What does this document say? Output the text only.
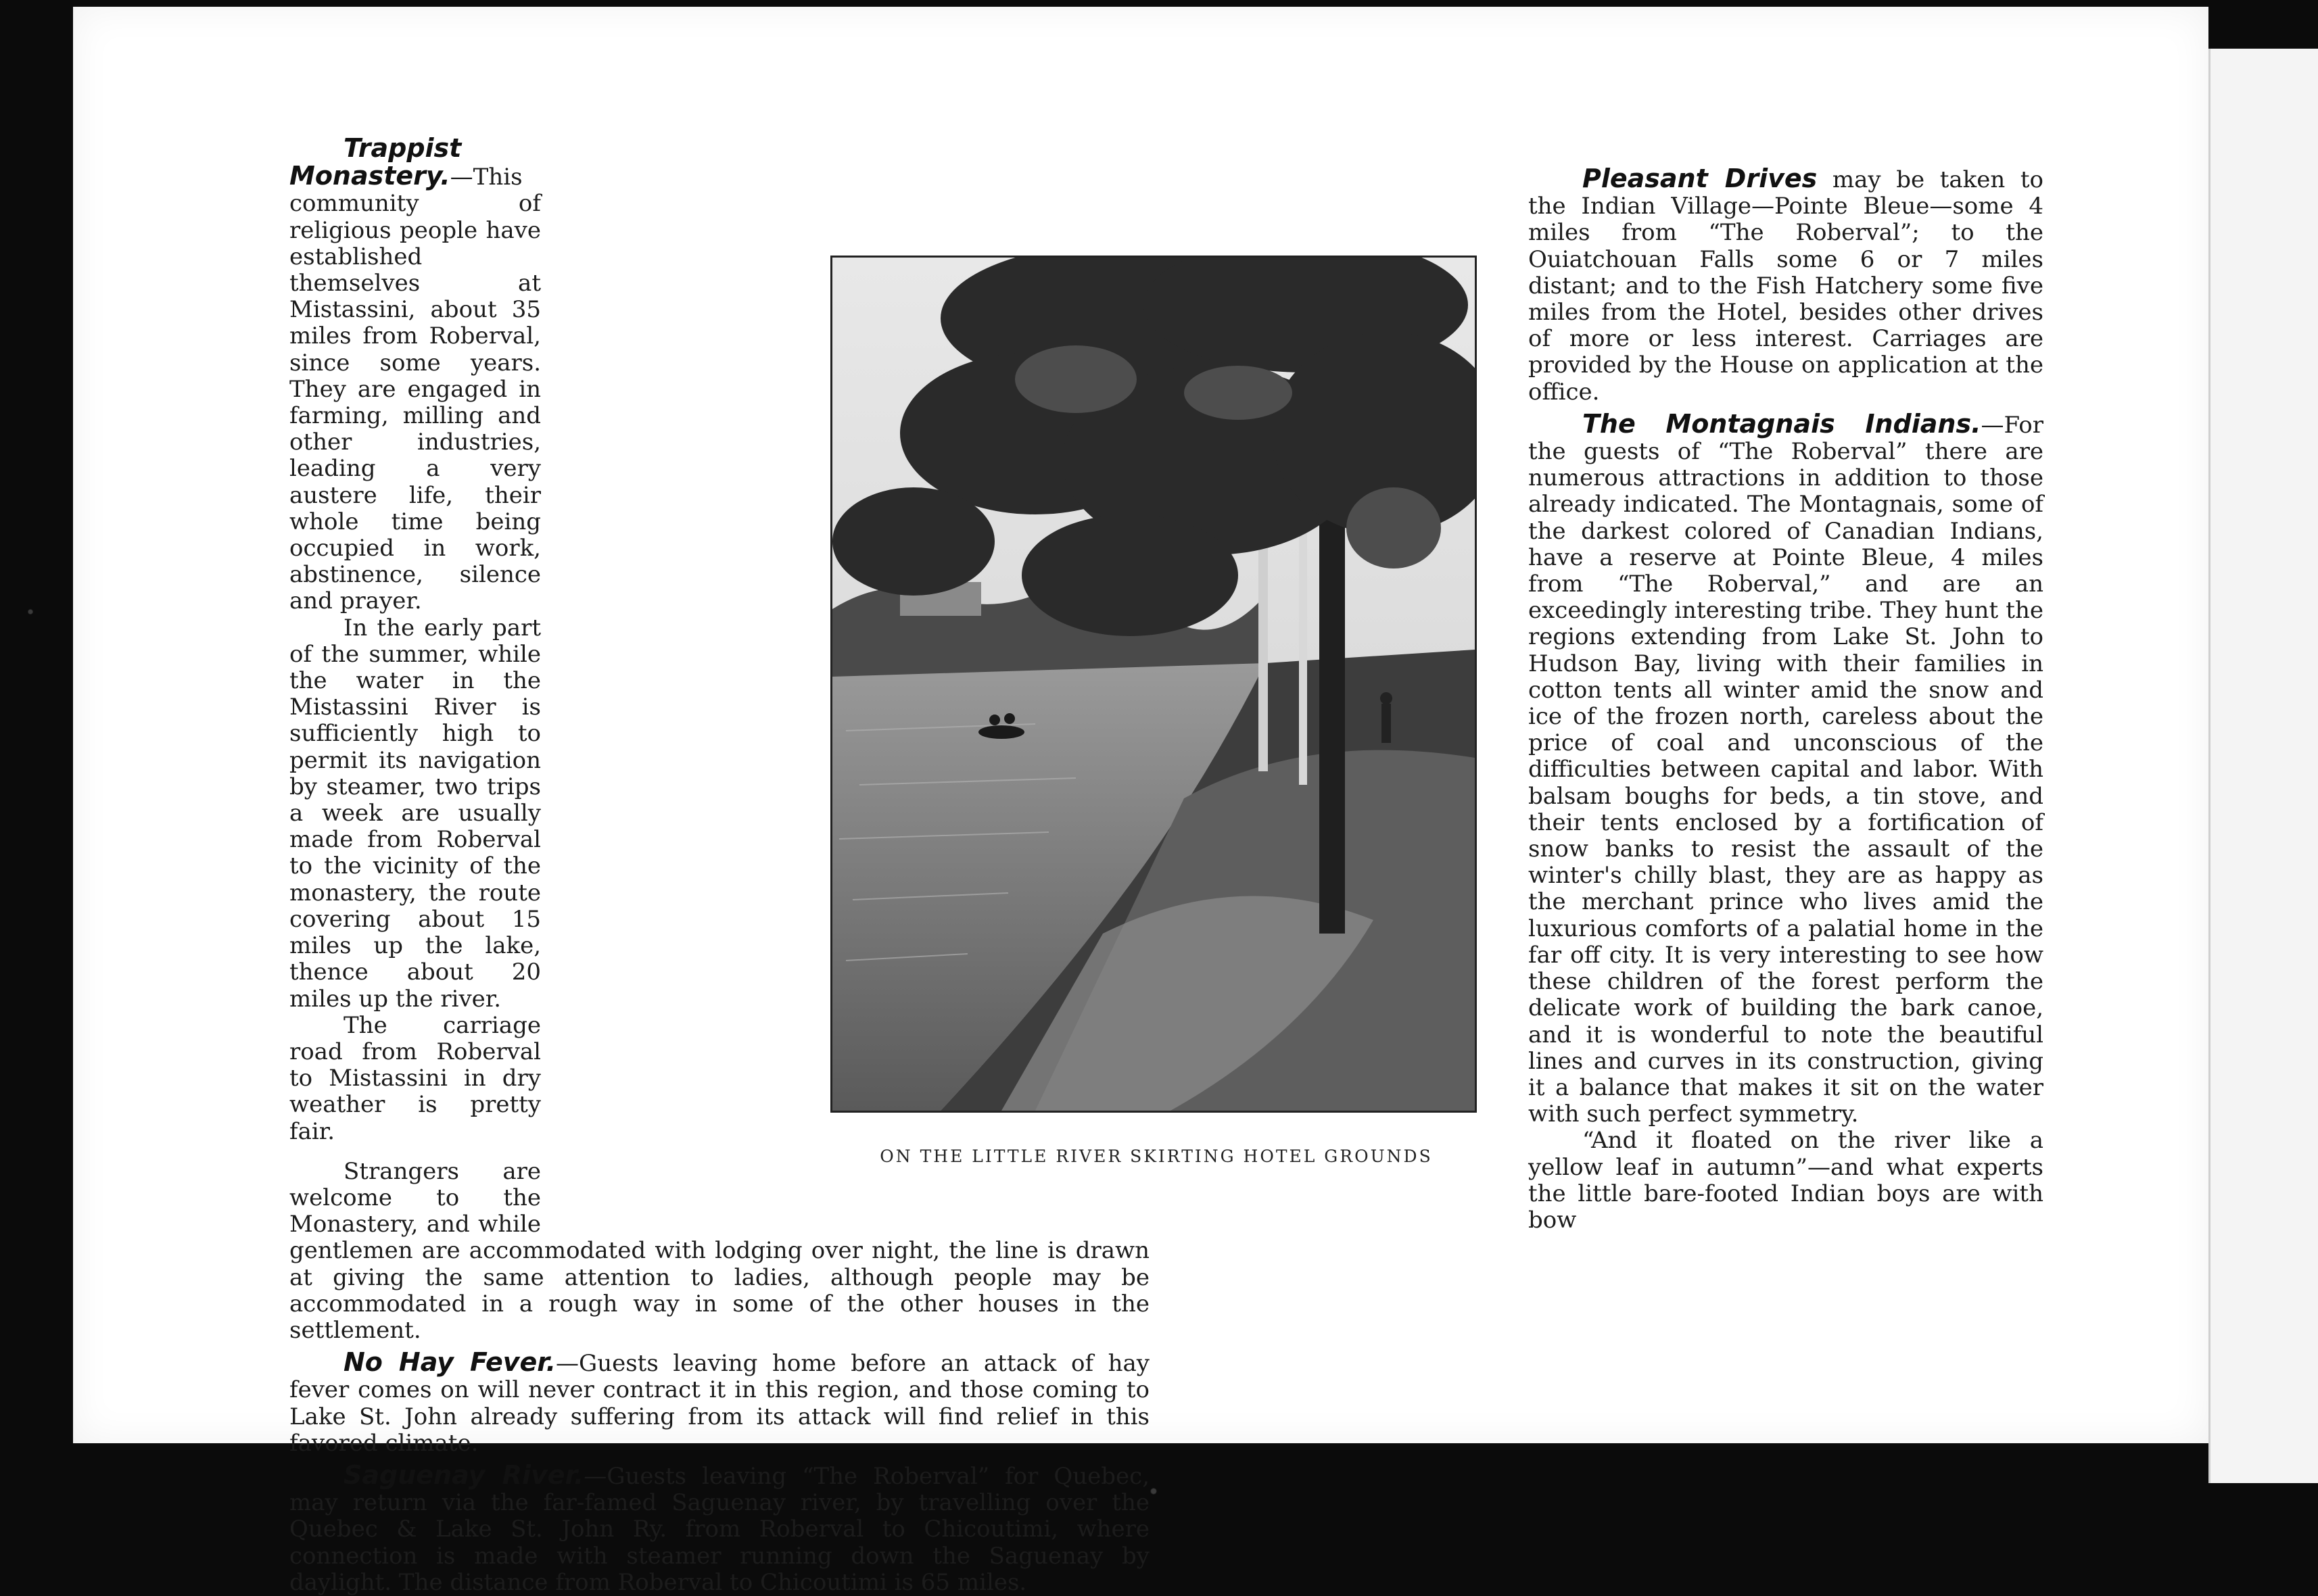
Trappist Monastery.—This community of religious people have established themselves at Mistassini, about 35 miles from Roberval, since some years. They are engaged in farming, milling and other industries, leading a very austere life, their whole time being occupied in work, abstinence, silence and prayer.

In the early part of the summer, while the water in the Mistassini River is sufficiently high to permit its navigation by steamer, two trips a week are usually made from Roberval to the vicinity of the monastery, the route covering about 15 miles up the lake, thence about 20 miles up the river.

The carriage road from Roberval to Mistassini in dry weather is pretty fair.

Strangers are welcome to the Monastery, and while gentlemen are accommodated with lodging over night, the line is drawn at giving the same attention to ladies, although people may be accommodated in a rough way in some of the other houses in the settlement.

No Hay Fever.—Guests leaving home before an attack of hay fever comes on will never contract it in this region, and those coming to Lake St. John already suffering from its attack will find relief in this favored climate.

Saguenay River.—Guests leaving “The Roberval” for Quebec, may return via the far-famed Saguenay river, by travelling over the Quebec & Lake St. John Ry. from Roberval to Chicoutimi, where connection is made with steamer running down the Saguenay by daylight. The distance from Roberval to Chicoutimi is 65 miles.

ON THE LITTLE RIVER SKIRTING HOTEL GROUNDS

Pleasant Drives may be taken to the Indian Village—Pointe Bleue—some 4 miles from “The Roberval”; to the Ouiatchouan Falls some 6 or 7 miles distant; and to the Fish Hatchery some five miles from the Hotel, besides other drives of more or less interest. Carriages are provided by the House on application at the office.

The Montagnais Indians.—For the guests of “The Roberval” there are numerous attractions in addition to those already indicated. The Montagnais, some of the darkest colored of Canadian Indians, have a reserve at Pointe Bleue, 4 miles from “The Roberval,” and are an exceedingly interesting tribe. They hunt the regions extending from Lake St. John to Hudson Bay, living with their families in cotton tents all winter amid the snow and ice of the frozen north, careless about the price of coal and unconscious of the difficulties between capital and labor. With balsam boughs for beds, a tin stove, and their tents enclosed by a fortification of snow banks to resist the assault of the winter's chilly blast, they are as happy as the merchant prince who lives amid the luxurious comforts of a palatial home in the far off city. It is very interesting to see how these children of the forest perform the delicate work of building the bark canoe, and it is wonderful to note the beautiful lines and curves in its construction, giving it a balance that makes it sit on the water with such perfect symmetry.

“And it floated on the river like a yellow leaf in autumn”—and what experts the little bare-footed Indian boys are with bow
